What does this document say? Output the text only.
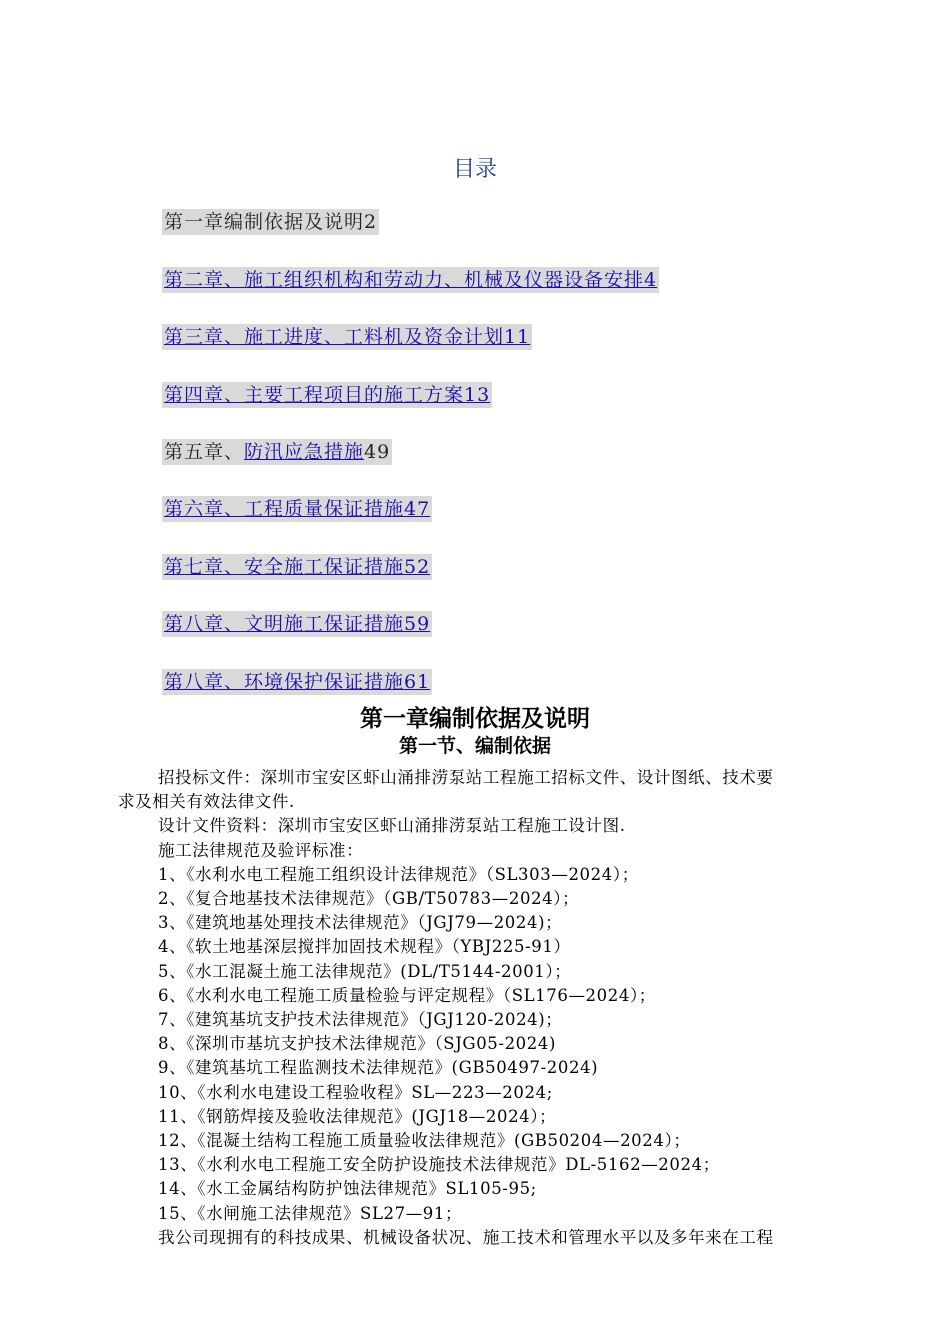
目录
第一章编制依据及说明2
第二章、施工组织机构和劳动力、机械及仪器设备安排4
第三章、施工进度、工料机及资金计划11
第四章、主要工程项目的施工方案13
第五章、防汛应急措施49
第六章、工程质量保证措施47
第七章、安全施工保证措施52
第八章、文明施工保证措施59
第八章、环境保护保证措施61
第一章编制依据及说明
第一节、编制依据

招投标文件：深圳市宝安区虾山涌排涝泵站工程施工招标文件、设计图纸、技术要

求及相关有效法律文件.

设计文件资料：深圳市宝安区虾山涌排涝泵站工程施工设计图.

施工法律规范及验评标准：

1、《水利水电工程施工组织设计法律规范》（SL303—2024）；
2、《复合地基技术法律规范》（GB/T50783—2024）；
3、《建筑地基处理技术法律规范》（JGJ79—2024)；
4、《软土地基深层搅拌加固技术规程》（YBJ225-91）
5、《水工混凝土施工法律规范》(DL/T5144-2001）；
6、《水利水电工程施工质量检验与评定规程》（SL176—2024）；
7、《建筑基坑支护技术法律规范》（JGJ120-2024)；
8、《深圳市基坑支护技术法律规范》（SJG05-2024)
9、《建筑基坑工程监测技术法律规范》(GB50497-2024)
10、《水利水电建设工程验收程》SL—223—2024;
11、《钢筋焊接及验收法律规范》(JGJ18—2024）；
12、《混凝土结构工程施工质量验收法律规范》(GB50204—2024）；
13、《水利水电工程施工安全防护设施技术法律规范》DL-5162—2024；
14、《水工金属结构防护蚀法律规范》SL105-95;
15、《水闸施工法律规范》SL27—91；

我公司现拥有的科技成果、机械设备状况、施工技术和管理水平以及多年来在工程
